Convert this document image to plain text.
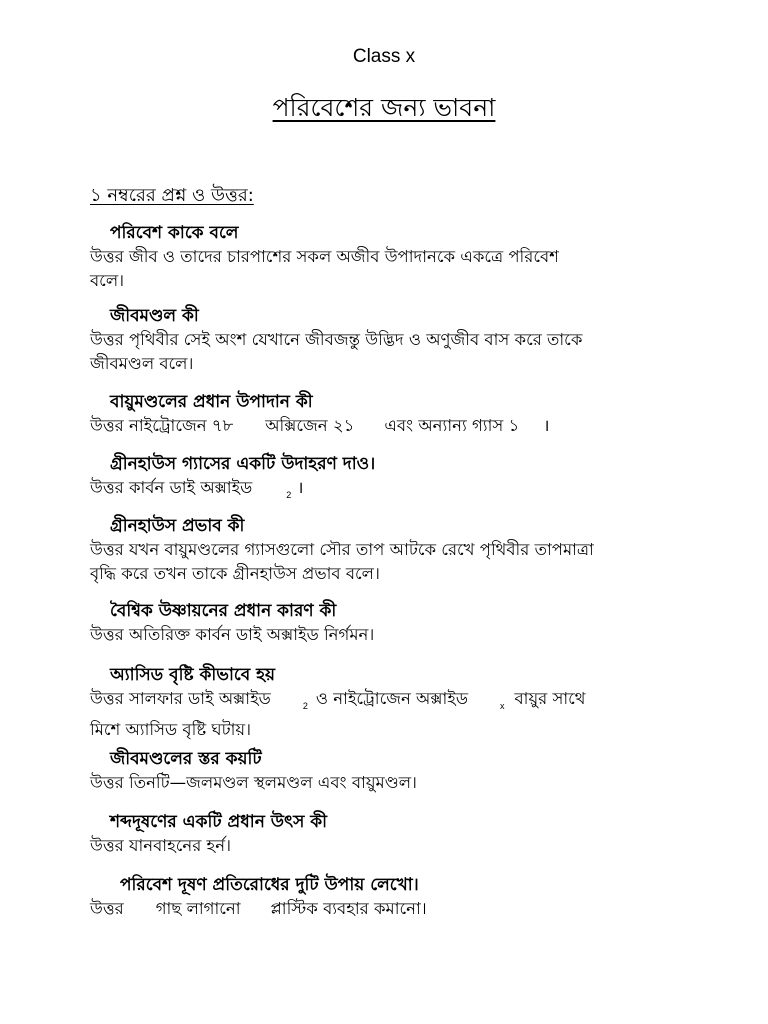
Class x
পরিবেশের জন্য ভাবনা
১ নম্বরের প্রশ্ন ও উত্তর:
পরিবেশ কাকে বলে
উত্তর জীব ও তাদের চারপাশের সকল অজীব উপাদানকে একত্রে পরিবেশ
বলে।
জীবমণ্ডল কী
উত্তর পৃথিবীর সেই অংশ যেখানে জীবজন্তু উদ্ভিদ ও অণুজীব বাস করে তাকে
জীবমণ্ডল বলে।
বায়ুমণ্ডলের প্রধান উপাদান কী
উত্তর নাইট্রোজেন ৭৮ অক্সিজেন ২১ এবং অন্যান্য গ্যাস ১ ।
গ্রীনহাউস গ্যাসের একটি উদাহরণ দাও।
উত্তর কার্বন ডাই অক্সাইড	$_2$ ।
গ্রীনহাউস প্রভাব কী
উত্তর যখন বায়ুমণ্ডলের গ্যাসগুলো সৌর তাপ আটকে রেখে পৃথিবীর তাপমাত্রা
বৃদ্ধি করে তখন তাকে গ্রীনহাউস প্রভাব বলে।
বৈশ্বিক উষ্ণায়নের প্রধান কারণ কী
উত্তর অতিরিক্ত কার্বন ডাই অক্সাইড নির্গমন।
অ্যাসিড বৃষ্টি কীভাবে হয়
উত্তর সালফার ডাই অক্সাইড	$_2$ ও নাইট্রোজেন অক্সাইড	$_x$ বায়ুর সাথে
মিশে অ্যাসিড বৃষ্টি ঘটায়।
জীবমণ্ডলের স্তর কয়টি
উত্তর তিনটি—জলমণ্ডল স্থলমণ্ডল এবং বায়ুমণ্ডল।
শব্দদূষণের একটি প্রধান উৎস কী
উত্তর যানবাহনের হর্ন।
পরিবেশ দূষণ প্রতিরোধের দুটি উপায় লেখো।
উত্তর গাছ লাগানো প্লাস্টিক ব্যবহার কমানো।
